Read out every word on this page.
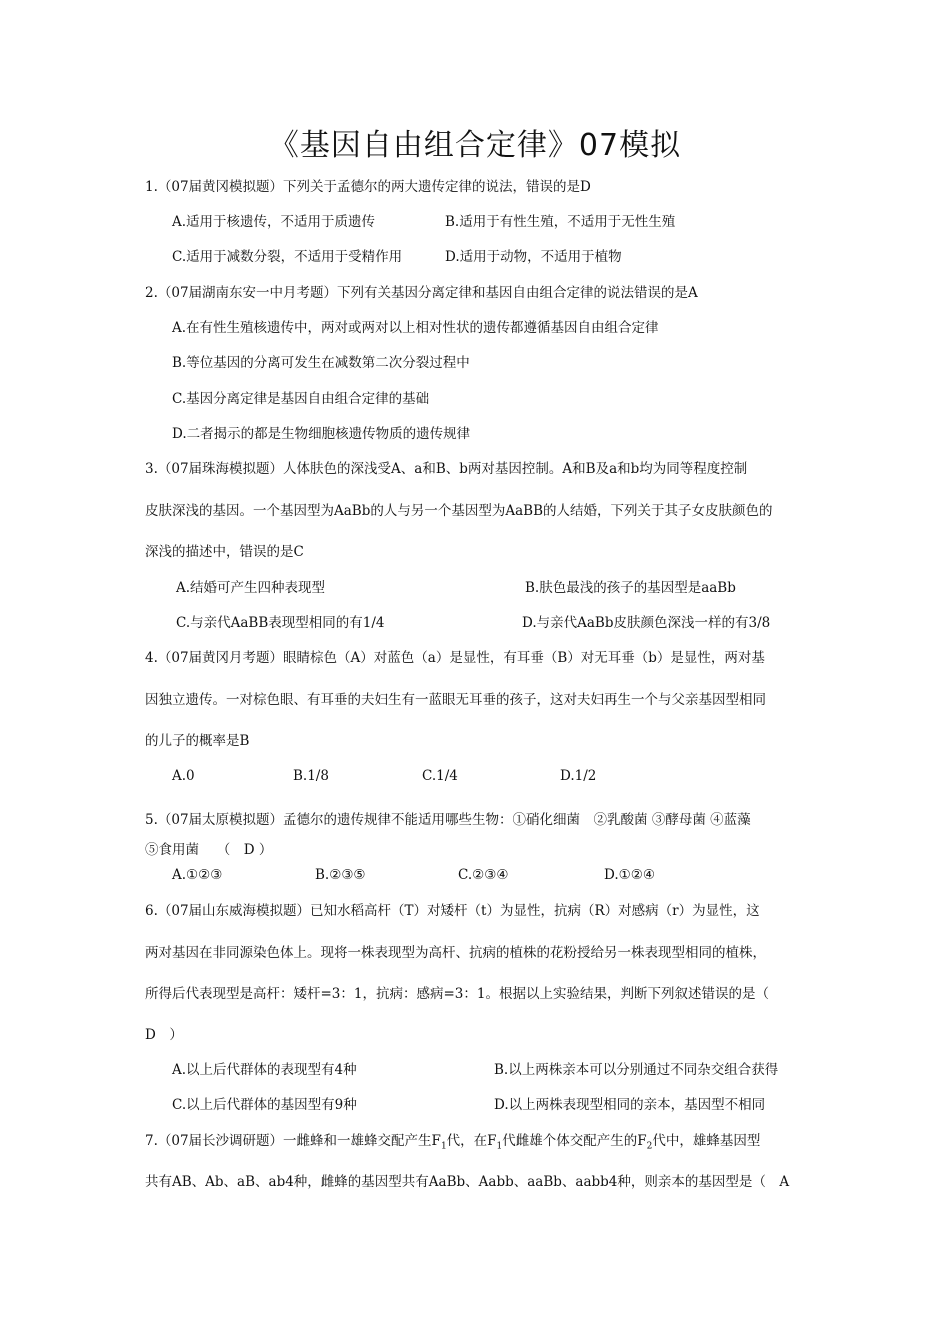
《基因自由组合定律》07模拟
1.（07届黄冈模拟题）下列关于孟德尔的两大遗传定律的说法，错误的是D
A.适用于核遗传，不适用于质遗传	B.适用于有性生殖，不适用于无性生殖
C.适用于减数分裂，不适用于受精作用	D.适用于动物，不适用于植物
2.（07届湖南东安一中月考题）下列有关基因分离定律和基因自由组合定律的说法错误的是A
A.在有性生殖核遗传中，两对或两对以上相对性状的遗传都遵循基因自由组合定律
B.等位基因的分离可发生在减数第二次分裂过程中
C.基因分离定律是基因自由组合定律的基础
D.二者揭示的都是生物细胞核遗传物质的遗传规律
3.（07届珠海模拟题）人体肤色的深浅受A、a和B、b两对基因控制。A和B及a和b均为同等程度控制
皮肤深浅的基因。一个基因型为AaBb的人与另一个基因型为AaBB的人结婚，下列关于其子女皮肤颜色的
深浅的描述中，错误的是C
A.结婚可产生四种表现型	B.肤色最浅的孩子的基因型是aaBb
C.与亲代AaBB表现型相同的有1/4	D.与亲代AaBb皮肤颜色深浅一样的有3/8
4.（07届黄冈月考题）眼睛棕色（A）对蓝色（a）是显性，有耳垂（B）对无耳垂（b）是显性，两对基
因独立遗传。一对棕色眼、有耳垂的夫妇生有一蓝眼无耳垂的孩子，这对夫妇再生一个与父亲基因型相同
的儿子的概率是B
A.0	B.1/8	C.1/4	D.1/2
5.（07届太原模拟题）孟德尔的遗传规律不能适用哪些生物：①硝化细菌　②乳酸菌 ③酵母菌 ④蓝藻
⑤食用菌　 （　D ）
A.①②③	B.②③⑤	C.②③④	D.①②④
6.（07届山东威海模拟题）已知水稻高杆（T）对矮杆（t）为显性，抗病（R）对感病（r）为显性，这
两对基因在非同源染色体上。现将一株表现型为高杆、抗病的植株的花粉授给另一株表现型相同的植株，
所得后代表现型是高杆：矮杆=3：1，抗病：感病=3：1。根据以上实验结果，判断下列叙述错误的是（
D　）
A.以上后代群体的表现型有4种	B.以上两株亲本可以分别通过不同杂交组合获得
C.以上后代群体的基因型有9种	D.以上两株表现型相同的亲本，基因型不相同
7.（07届长沙调研题）一雌蜂和一雄蜂交配产生$F_1$代，在$F_1$代雌雄个体交配产生的$F_2$代中，雄蜂基因型
共有AB、Ab、aB、ab4种，雌蜂的基因型共有AaBb、Aabb、aaBb、aabb4种，则亲本的基因型是（　A
